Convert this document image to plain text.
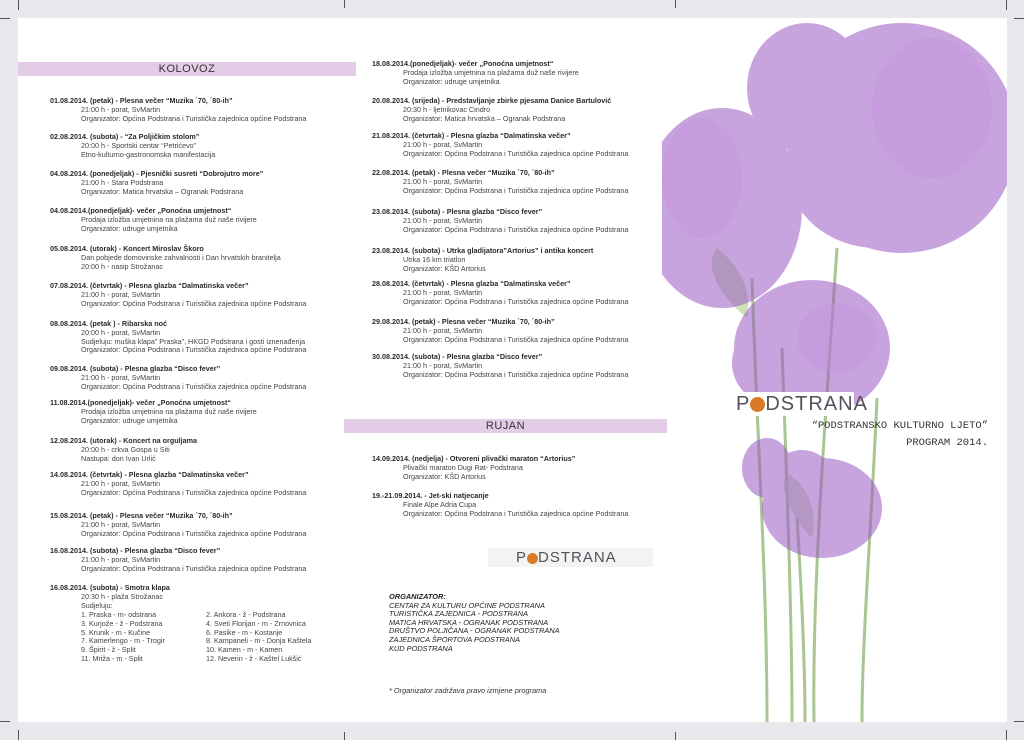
KOLOVOZ
RUJAN
01.08.2014. (petak) - Plesna večer “Muzika ´70, ´80-ih”
21:00 h - porat, SvMartin
Organizator: Općina Podstrana i Turistička zajednica općine Podstrana
02.08.2014. (subota) - “Za Poljičkim stolom”
20:00 h - Sportski centar “Petrićevo”
Etno-kulturno-gastronomska manifestacija
04.08.2014. (ponedjeljak) - Pjesnički susreti “Dobrojutro more”
21:00 h - Stara Podstrana
Organizator: Matica hrvatska – Ogranak Podstrana
04.08.2014.(ponedjeljak)- večer „Ponoćna umjetnost“
Prodaja izložba umjetnina na plažama duž naše rivijere
Organizator: udruge umjetnika
05.08.2014. (utorak) - Koncert Miroslav Škoro
Dan pobjede domovinske zahvalnosti i Dan hrvatskih branitelja
20:00 h - nasip Strožanac
07.08.2014. (četvrtak) - Plesna glazba “Dalmatinska večer”
21:00 h - porat, SvMartin
Organizator: Općina Podstrana i Turistička zajednica općine Podstrana
08.08.2014. (petak ) - Ribarska noć
20:00 h - porat, SvMartin
Sudjeluju: muška klapa” Praska”, HKGD Podstrana i gosti iznenađenja
Organizator: Općina Podstrana i Turistička zajednica općine Podstrana
09.08.2014. (subota) - Plesna glazba “Disco fever”
21:00 h - porat, SvMartin
Organizator: Općina Podstrana i Turistička zajednica općine Podstrana
11.08.2014.(ponedjeljak)- večer „Ponoćna umjetnost“
Prodaja izložba umjetnina na plažama duž naše rivijere
Organizator: udruge umjetnika
12.08.2014. (utorak) - Koncert na orguljama
20:00 h - crkva Gospa u Siti
Nastupa: don Ivan Urlić
14.08.2014. (četvrtak) - Plesna glazba “Dalmatinska večer”
21:00 h - porat, SvMartin
Organizator: Općina Podstrana i Turistička zajednica općine Podstrana
15.08.2014. (petak) - Plesna večer “Muzika ´70, ´80-ih”
21:00 h - porat, SvMartin
Organizator: Općina Podstrana i Turistička zajednica općine Podstrana
16.08.2014. (subota) - Plesna glazba “Disco fever”
21:00 h - porat, SvMartin
Organizator: Općina Podstrana i Turistička zajednica općine Podstrana
16.08.2014. (subota) - Smotra klapa
20:30 h - plaža Strožanac
Sudjeluju:
18.08.2014.(ponedjeljak)- večer „Ponoćna umjetnost“
Prodaja izložba umjetnina na plažama duž naše rivijere
Organizator: udruge umjetnika
20.08.2014. (srijeda) - Predstavljanje zbirke pjesama Danice Bartulović
20:30 h - ljetnikovac Cindro
Organizator: Matica hrvatska – Ogranak Podstrana
21.08.2014. (četvrtak) - Plesna glazba “Dalmatinska večer”
21:00 h - porat, SvMartin
Organizator: Općina Podstrana i Turistička zajednica općine Podstrana
22.08.2014. (petak) - Plesna večer “Muzika ´70, ´80-ih”
21:00 h - porat, SvMartin
Organizator: Općina Podstrana i Turistička zajednica općine Podstrana
23.08.2014. (subota) - Plesna glazba “Disco fever”
21:00 h - porat, SvMartin
Organizator: Općina Podstrana i Turistička zajednica općine Podstrana
23.08.2014. (subota) - Utrka gladijatora”Artorius” i antika koncert
Utrka 16 km triatlon
Organizator: KŠD Artorius
28.08.2014. (četvrtak) - Plesna glazba “Dalmatinska večer”
21:00 h - porat, SvMartin
Organizator: Općina Podstrana i Turistička zajednica općine Podstrana
29.08.2014. (petak) - Plesna večer “Muzika ´70, ´80-ih”
21:00 h - porat, SvMartin
Organizator: Općina Podstrana i Turistička zajednica općine Podstrana
30.08.2014. (subota) - Plesna glazba “Disco fever”
21:00 h - porat, SvMartin
Organizator: Općina Podstrana i Turistička zajednica općine Podstrana
14.09.2014. (nedjelja) - Otvoreni plivački maraton “Artorius”
Plivački maraton Dugi Rat- Podstrana
Organizator: KŠD Artorius
19.-21.09.2014. - Jet-ski natjecanje
Finale Alpe Adria Cupa
Organizator: Općina Podstrana i Turistička zajednica općine Podstrana
1. Praska - m- odstrana
3. Kurjože - ž - Podstrana
5. Krunik - m - Kučine
7. Kamerlengo - m - Trogir
9. Špirit - ž - Split
11. Mriža - m - Split
2. Ankora - ž - Podstrana
4. Sveti Florijan - m - Zrnovnica
6. Pasike - m - Kostanje
8. Kampaneli - m - Donja Kaštela
10. Kamen - m - Kamen
12. Neverin - ž - Kaštel Lukšić
P DSTRANA
ORGANIZATOR:
CENTAR ZA KULTURU OPĆINE PODSTRANA
TURISTIČKA ZAJEDNICA - PODSTRANA
MATICA HRVATSKA - OGRANAK PODSTRANA
DRUŠTVO POLJIČANA - OGRANAK PODSTRANA
ZAJEDNICA ŠPORTOVA PODSTRANA
KUD PODSTRANA
* Organizator zadržava pravo izmjene programa
P DSTRANA
“PODSTRANSKO KULTURNO LJETO”
PROGRAM 2014.
